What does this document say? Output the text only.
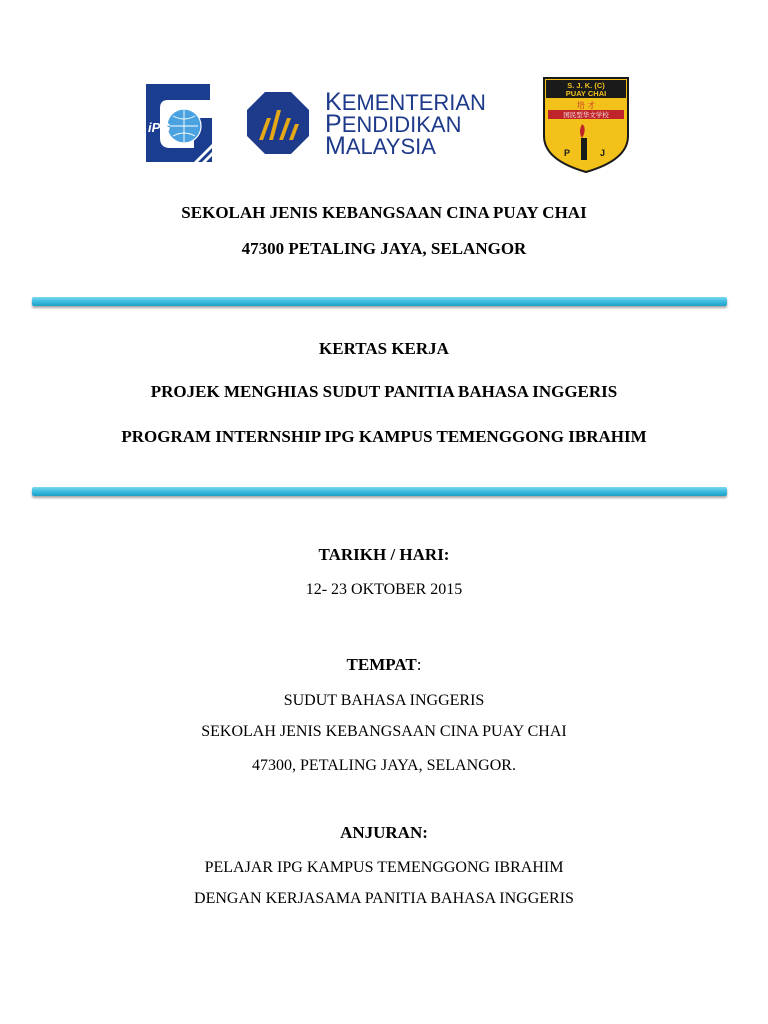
iPG
KEMENTERIAN
PENDIDIKAN
MALAYSIA
S. J. K. (C)
PUAY CHAI
培 才
国民型华文学校
P	J
SEKOLAH JENIS KEBANGSAAN CINA PUAY CHAI
47300 PETALING JAYA, SELANGOR
KERTAS KERJA
PROJEK MENGHIAS SUDUT PANITIA BAHASA INGGERIS
PROGRAM INTERNSHIP IPG KAMPUS TEMENGGONG IBRAHIM
TARIKH / HARI:
12- 23 OKTOBER 2015
TEMPAT:
SUDUT BAHASA INGGERIS
SEKOLAH JENIS KEBANGSAAN CINA PUAY CHAI
47300, PETALING JAYA, SELANGOR.
ANJURAN:
PELAJAR IPG KAMPUS TEMENGGONG IBRAHIM
DENGAN KERJASAMA PANITIA BAHASA INGGERIS
